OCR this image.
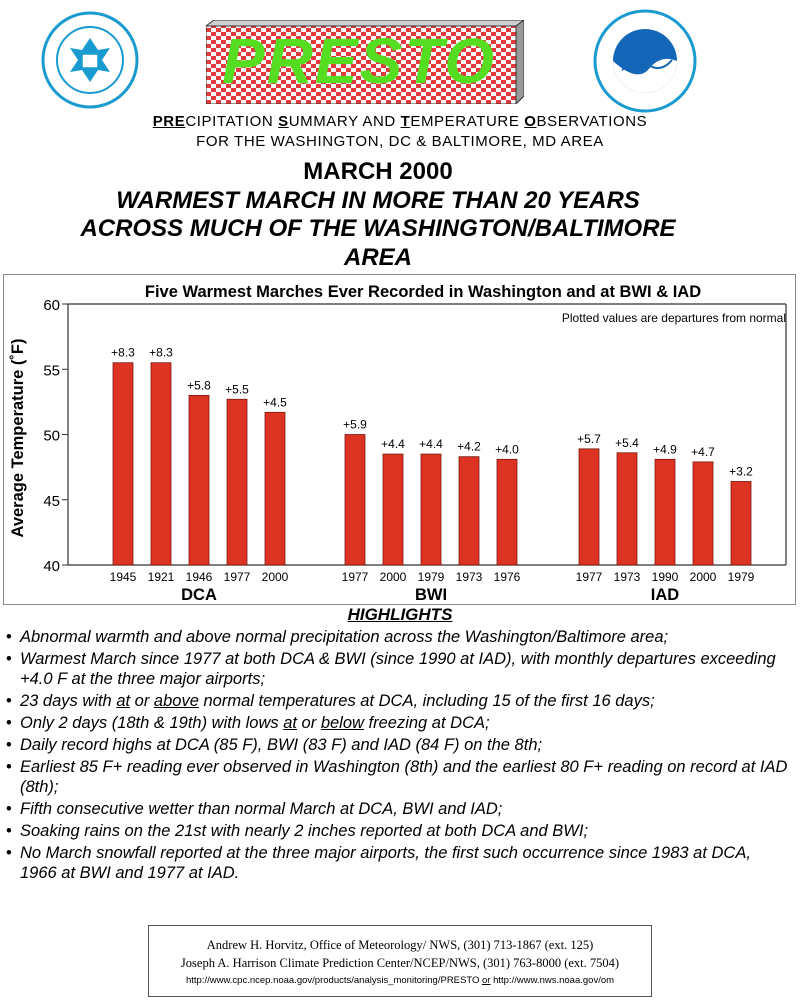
PRESTO
PRECIPITATION SUMMARY AND TEMPERATURE OBSERVATIONS
FOR THE WASHINGTON, DC & BALTIMORE, MD AREA
MARCH 2000
WARMEST MARCH IN MORE THAN 20 YEARS
ACROSS MUCH OF THE WASHINGTON/BALTIMORE
AREA
Five Warmest Marches Ever Recorded in Washington and at BWI & IAD
Plotted values are departures from normal
Average Temperature (˚F)
40
45
50
55
60
+8.3
1945
+8.3
1921
+5.8
1946
+5.5
1977
+4.5
2000
DCA
+5.9
1977
+4.4
2000
+4.4
1979
+4.2
1973
+4.0
1976
BWI
+5.7
1977
+5.4
1973
+4.9
1990
+4.7
2000
+3.2
1979
IAD
HIGHLIGHTS
• Abnormal warmth and above normal precipitation across the Washington/Baltimore area;
• Warmest March since 1977 at both DCA & BWI (since 1990 at IAD), with monthly departures exceeding +4.0 F at the three major airports;
• 23 days with at or above normal temperatures at DCA, including 15 of the first 16 days;
• Only 2 days (18th & 19th) with lows at or below freezing at DCA;
• Daily record highs at DCA (85 F), BWI (83 F) and IAD (84 F) on the 8th;
• Earliest 85 F+ reading ever observed in Washington (8th) and the earliest 80 F+ reading on record at IAD (8th);
• Fifth consecutive wetter than normal March at DCA, BWI and IAD;
• Soaking rains on the 21st with nearly 2 inches reported at both DCA and BWI;
• No March snowfall reported at the three major airports, the first such occurrence since 1983 at DCA, 1966 at BWI and 1977 at IAD.
Andrew H. Horvitz, Office of Meteorology/ NWS, (301) 713-1867 (ext. 125)
Joseph A. Harrison Climate Prediction Center/NCEP/NWS, (301) 763-8000 (ext. 7504)
http://www.cpc.ncep.noaa.gov/products/analysis_monitoring/PRESTO or http://www.nws.noaa.gov/om
